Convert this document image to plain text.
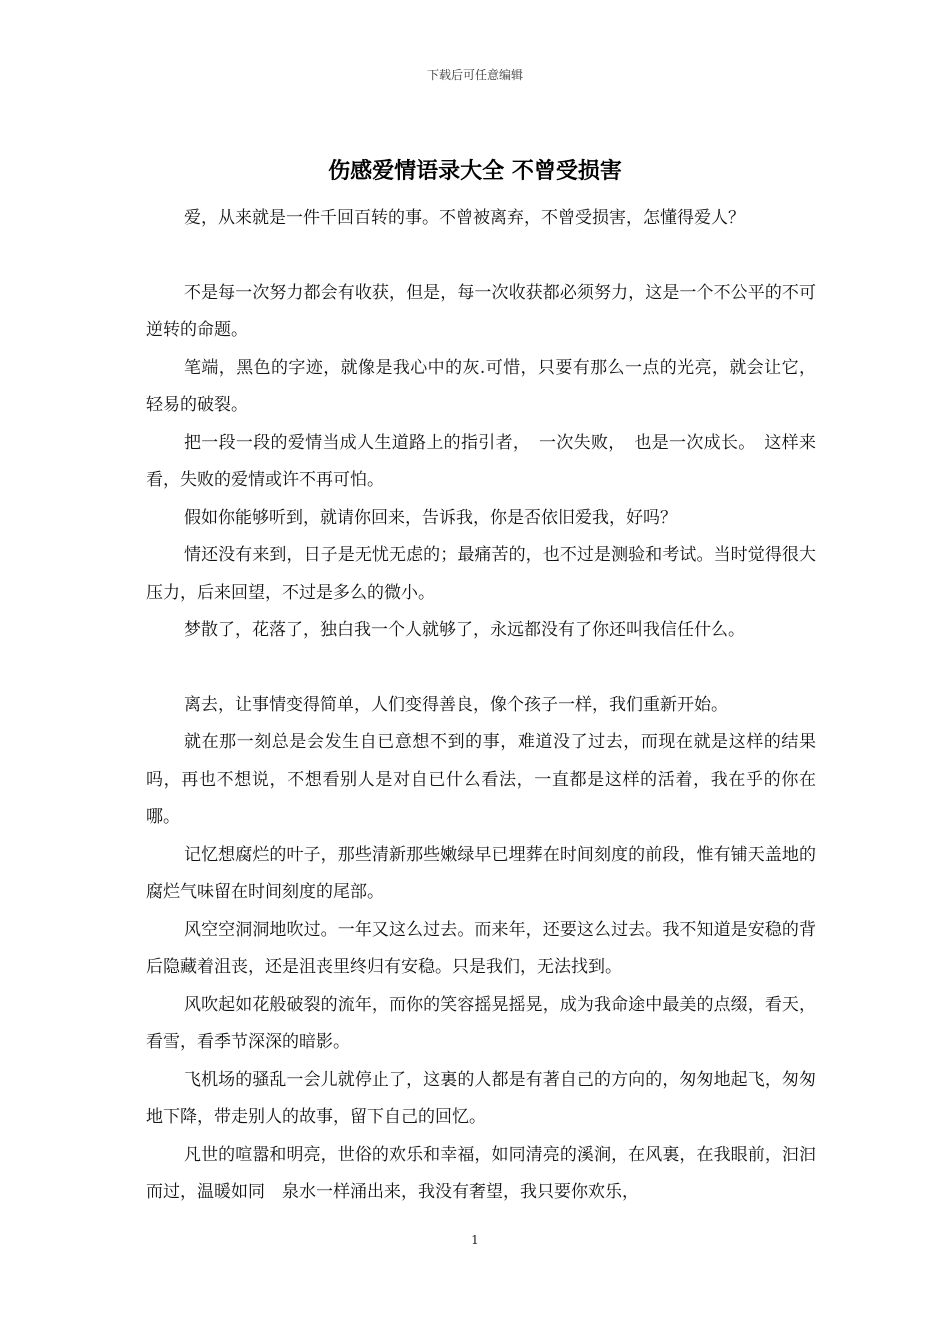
下载后可任意编辑
伤感爱情语录大全 不曾受损害

爱，从来就是一件千回百转的事。不曾被离弃，不曾受损害，怎懂得爱人？

不是每一次努力都会有收获，但是，每一次收获都必须努力，这是一个不公平的不可逆转的命题。

笔端，黑色的字迹，就像是我心中的灰.可惜，只要有那么一点的光亮，就会让它，轻易的破裂。

把一段一段的爱情当成人生道路上的指引者，　一次失败，　也是一次成长。　这样来看，失败的爱情或许不再可怕。

假如你能够听到，就请你回来，告诉我，你是否依旧爱我，好吗？

情还没有来到，日子是无忧无虑的；最痛苦的，也不过是测验和考试。当时觉得很大压力，后来回望，不过是多么的微小。

梦散了，花落了，独白我一个人就够了，永远都没有了你还叫我信任什么。

离去，让事情变得简单，人们变得善良，像个孩子一样，我们重新开始。

就在那一刻总是会发生自已意想不到的事，难道没了过去，而现在就是这样的结果吗，再也不想说，不想看别人是对自已什么看法，一直都是这样的活着，我在乎的你在哪。

记忆想腐烂的叶子，那些清新那些嫩绿早已埋葬在时间刻度的前段，惟有铺天盖地的腐烂气味留在时间刻度的尾部。

风空空洞洞地吹过。一年又这么过去。而来年，还要这么过去。我不知道是安稳的背后隐藏着沮丧，还是沮丧里终归有安稳。只是我们，无法找到。

风吹起如花般破裂的流年，而你的笑容摇晃摇晃，成为我命途中最美的点缀，看天，看雪，看季节深深的暗影。

飞机场的骚乱一会儿就停止了，这裏的人都是有著自己的方向的，匆匆地起飞，匆匆地下降，带走别人的故事，留下自己的回忆。

凡世的喧嚣和明亮，世俗的欢乐和幸福，如同清亮的溪涧，在风裏，在我眼前，汩汩而过，温暖如同　泉水一样涌出来，我没有奢望，我只要你欢乐，

1
